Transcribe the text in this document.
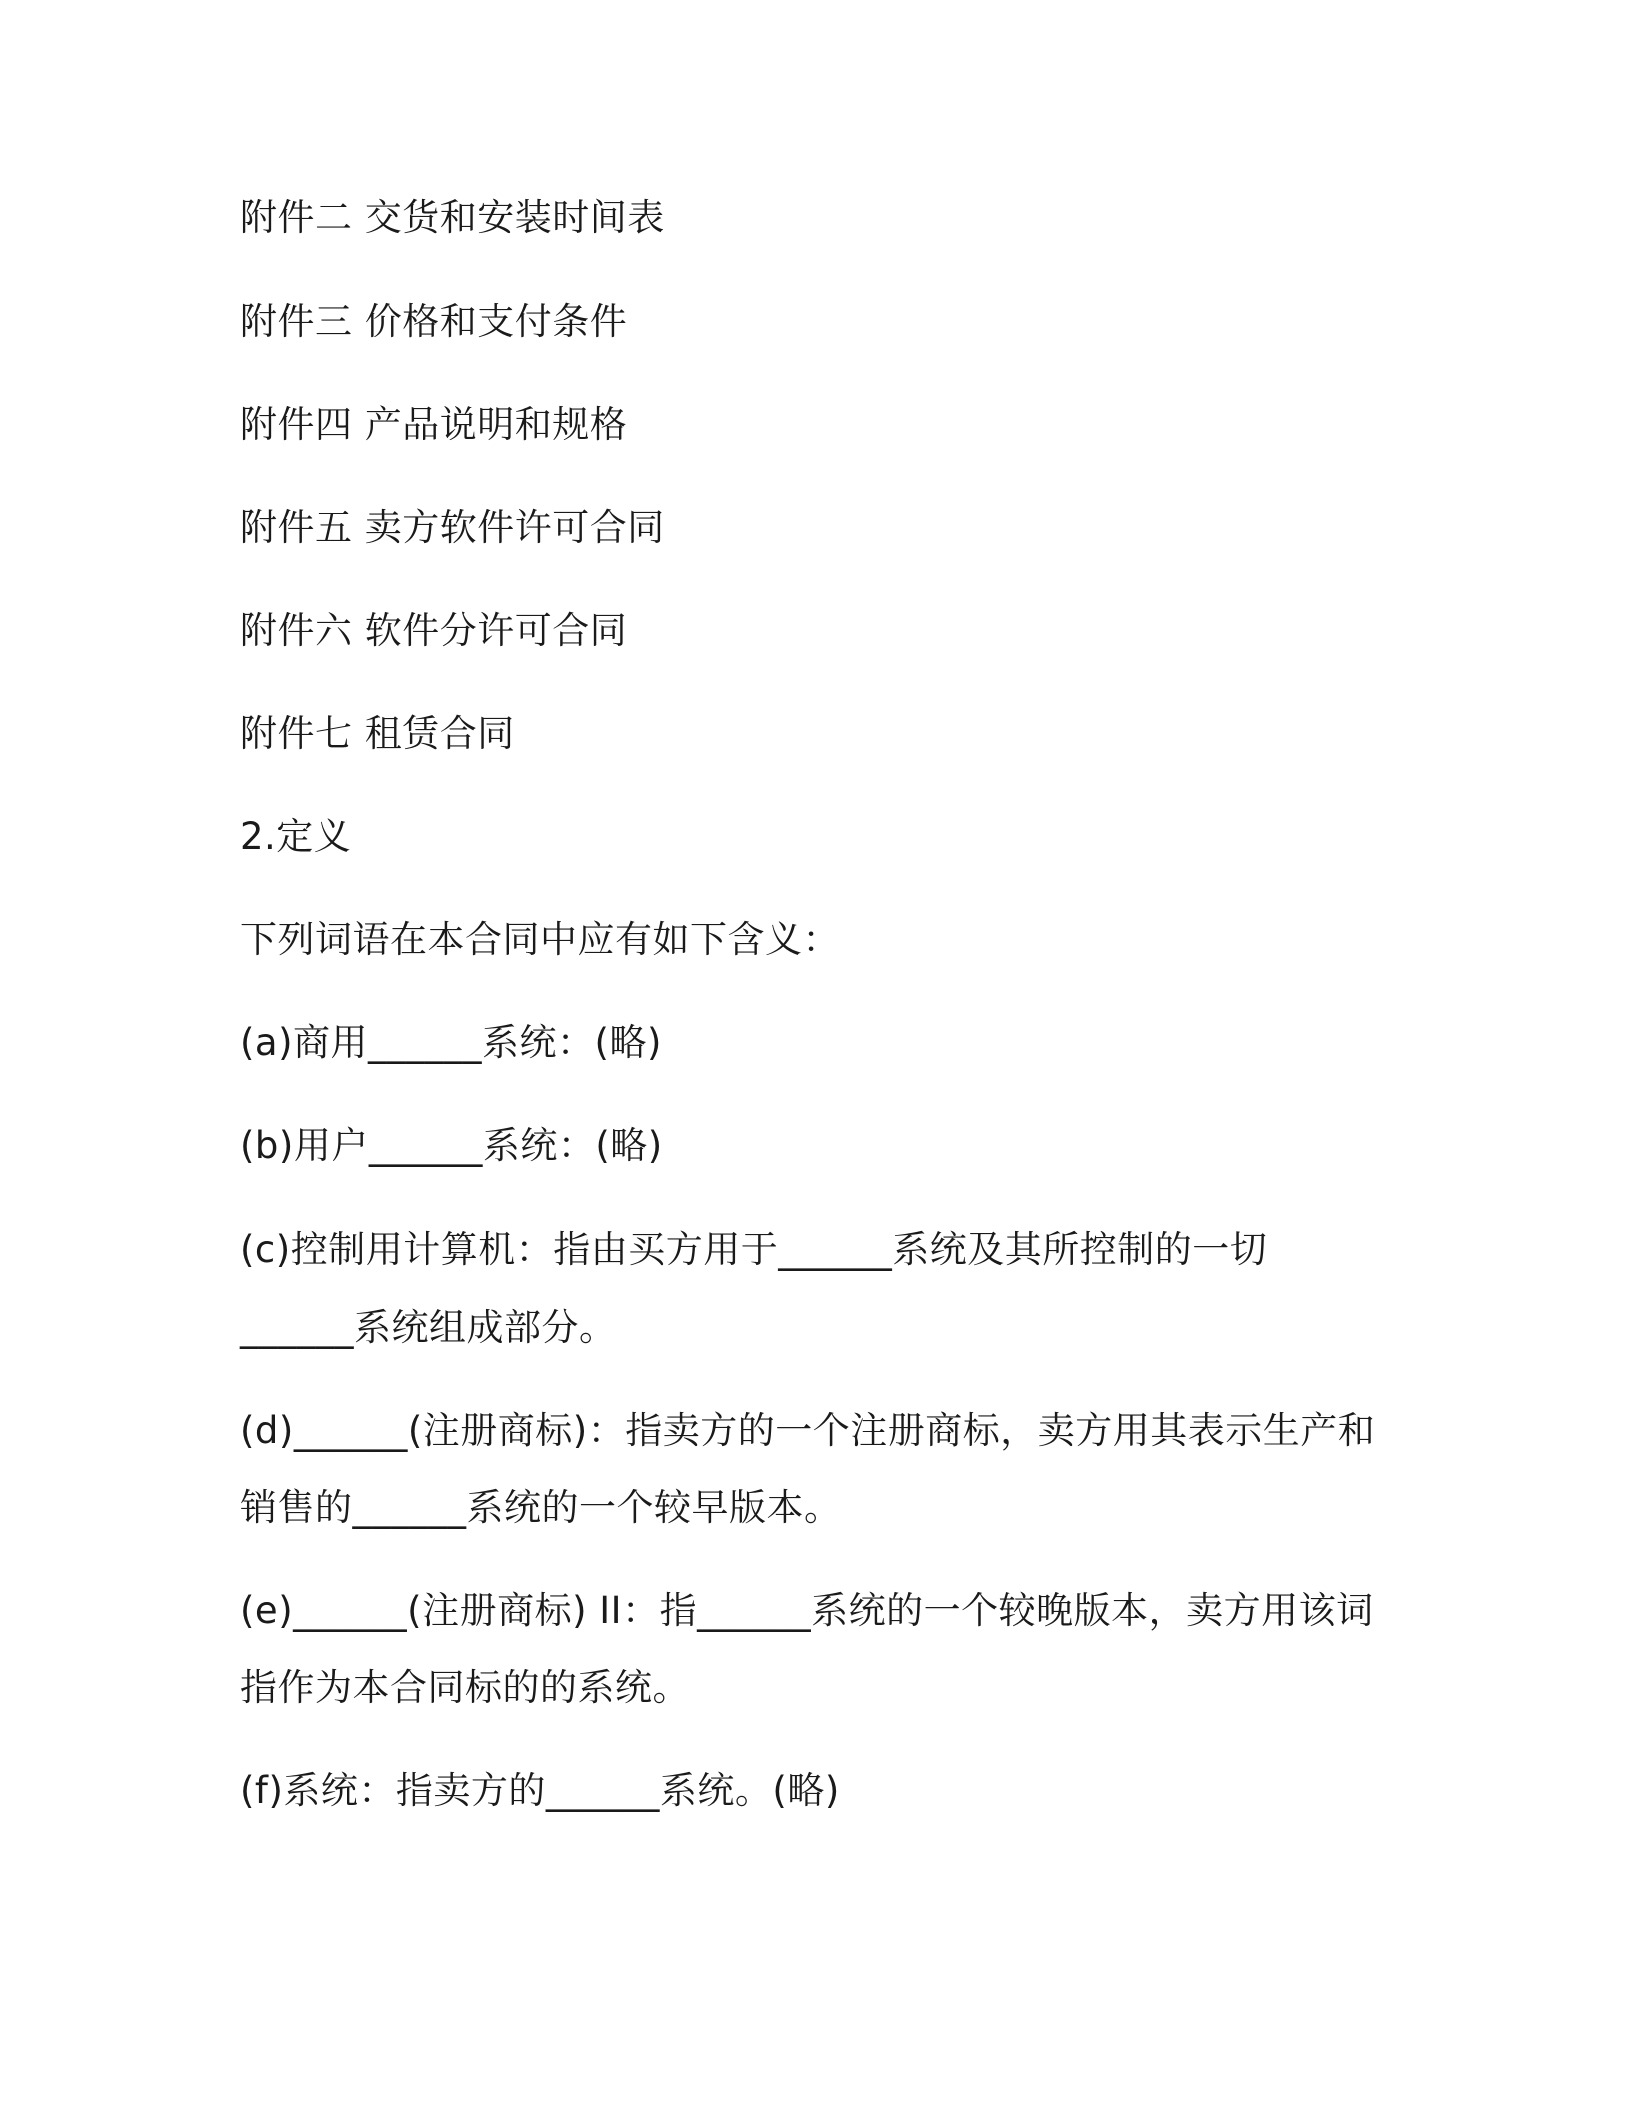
附件二 交货和安装时间表
附件三 价格和支付条件
附件四 产品说明和规格
附件五 卖方软件许可合同
附件六 软件分许可合同
附件七 租赁合同
2.定义
下列词语在本合同中应有如下含义：
(a)商用______系统：(略)
(b)用户______系统：(略)
(c)控制用计算机：指由买方用于______系统及其所控制的一切
______系统组成部分。
(d)______(注册商标)：指卖方的一个注册商标，卖方用其表示生产和
销售的______系统的一个较早版本。
(e)______(注册商标) II：指______系统的一个较晚版本，卖方用该词
指作为本合同标的的系统。
(f)系统：指卖方的______系统。(略)
